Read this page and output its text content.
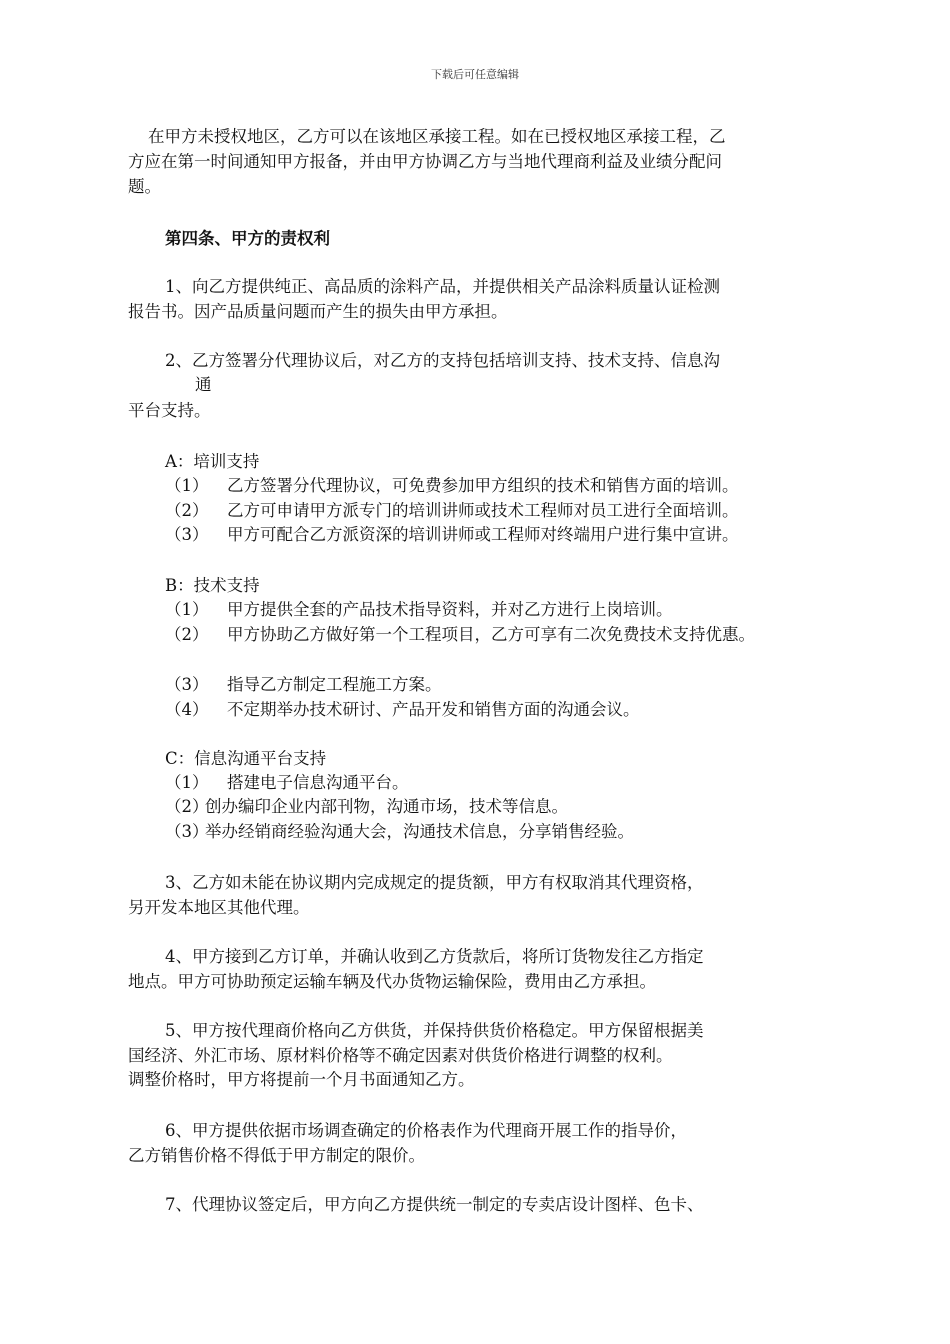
下载后可任意编辑
在甲方未授权地区，乙方可以在该地区承接工程。如在已授权地区承接工程，乙
方应在第一时间通知甲方报备，并由甲方协调乙方与当地代理商利益及业绩分配问
题。
第四条、甲方的责权利
1、向乙方提供纯正、高品质的涂料产品，并提供相关产品涂料质量认证检测
报告书。因产品质量问题而产生的损失由甲方承担。
2、乙方签署分代理协议后，对乙方的支持包括培训支持、技术支持、信息沟
通
平台支持。
A：培训支持
（1） 乙方签署分代理协议，可免费参加甲方组织的技术和销售方面的培训。
（2） 乙方可申请甲方派专门的培训讲师或技术工程师对员工进行全面培训。
（3） 甲方可配合乙方派资深的培训讲师或工程师对终端用户进行集中宣讲。
B：技术支持
（1） 甲方提供全套的产品技术指导资料，并对乙方进行上岗培训。
（2） 甲方协助乙方做好第一个工程项目，乙方可享有二次免费技术支持优惠。
（3） 指导乙方制定工程施工方案。
（4） 不定期举办技术研讨、产品开发和销售方面的沟通会议。
C：信息沟通平台支持
（1） 搭建电子信息沟通平台。
（2）创办编印企业内部刊物，沟通市场，技术等信息。
（3）举办经销商经验沟通大会，沟通技术信息，分享销售经验。
3、乙方如未能在协议期内完成规定的提货额，甲方有权取消其代理资格，
另开发本地区其他代理。
4、甲方接到乙方订单，并确认收到乙方货款后，将所订货物发往乙方指定
地点。甲方可协助预定运输车辆及代办货物运输保险，费用由乙方承担。
5、甲方按代理商价格向乙方供货，并保持供货价格稳定。甲方保留根据美
国经济、外汇市场、原材料价格等不确定因素对供货价格进行调整的权利。
调整价格时，甲方将提前一个月书面通知乙方。
6、甲方提供依据市场调查确定的价格表作为代理商开展工作的指导价，
乙方销售价格不得低于甲方制定的限价。
7、代理协议签定后，甲方向乙方提供统一制定的专卖店设计图样、色卡、
